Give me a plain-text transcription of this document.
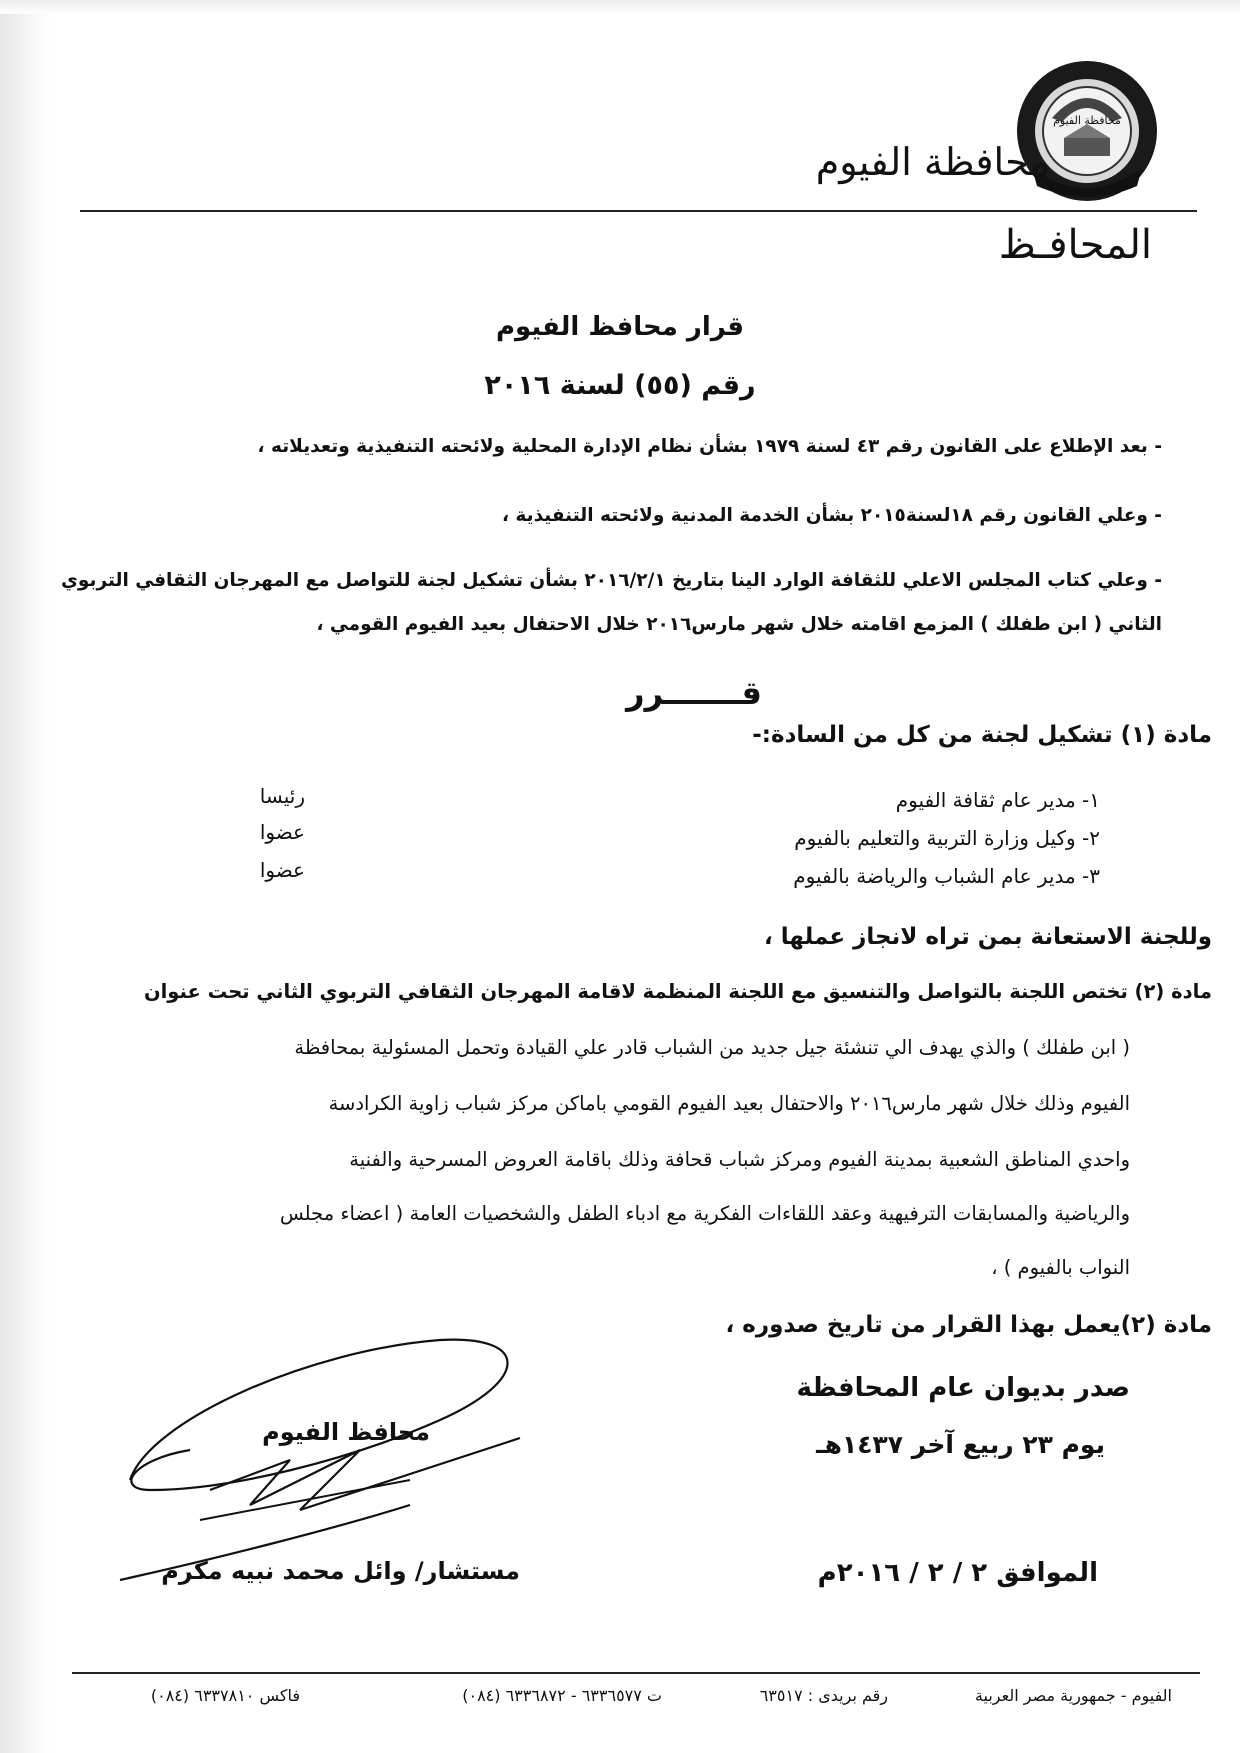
محافظة الفيوم
محافظة الفيوم
المحافـظ
قرار محافظ الفيوم
رقم (٥٥) لسنة ٢٠١٦
- بعد الإطلاع على القانون رقم ٤٣ لسنة ١٩٧٩ بشأن نظام الإدارة المحلية ولائحته التنفيذية وتعديلاته ،
- وعلي القانون رقم ١٨لسنة٢٠١٥ بشأن الخدمة المدنية ولائحته التنفيذية ،
- وعلي كتاب المجلس الاعلي للثقافة الوارد الينا بتاريخ ٢٠١٦/٢/١ بشأن تشكيل لجنة للتواصل مع المهرجان الثقافي التربوي
الثاني ( ابن طفلك ) المزمع اقامته خلال شهر مارس٢٠١٦ خلال الاحتفال بعيد الفيوم القومي ،
قـــــــرر
مادة (١) تشكيل لجنة من كل من السادة:-
١- مدير عام ثقافة الفيوم
رئيسا
٢- وكيل وزارة التربية والتعليم بالفيوم
عضوا
٣- مدير عام الشباب والرياضة بالفيوم
عضوا
وللجنة الاستعانة بمن تراه لانجاز عملها ،
مادة (٢) تختص اللجنة بالتواصل والتنسيق مع اللجنة المنظمة لاقامة المهرجان الثقافي التربوي الثاني تحت عنوان
( ابن طفلك ) والذي يهدف الي تنشئة جيل جديد من الشباب قادر علي القيادة وتحمل المسئولية بمحافظة
الفيوم وذلك خلال شهر مارس٢٠١٦ والاحتفال بعيد الفيوم القومي باماكن مركز شباب زاوية الكرادسة
واحدي المناطق الشعبية بمدينة الفيوم ومركز شباب قحافة وذلك باقامة العروض المسرحية والفنية
والرياضية والمسابقات الترفيهية وعقد اللقاءات الفكرية مع ادباء الطفل والشخصيات العامة ( اعضاء مجلس
النواب بالفيوم ) ،
مادة (٢)يعمل بهذا القرار من تاريخ صدوره ،
صدر بديوان عام المحافظة
يوم ٢٣ ربيع آخر ١٤٣٧هـ
الموافق ٢ / ٢ / ٢٠١٦م
محافظ الفيوم
مستشار/ وائل محمد نبيه مكرم
الفيوم - جمهورية مصر العربية
رقم بريدى : ٦٣٥١٧
ت ٦٣٣٦٥٧٧ - ٦٣٣٦٨٧٢ (٠٨٤)
فاكس ٦٣٣٧٨١٠ (٠٨٤)
